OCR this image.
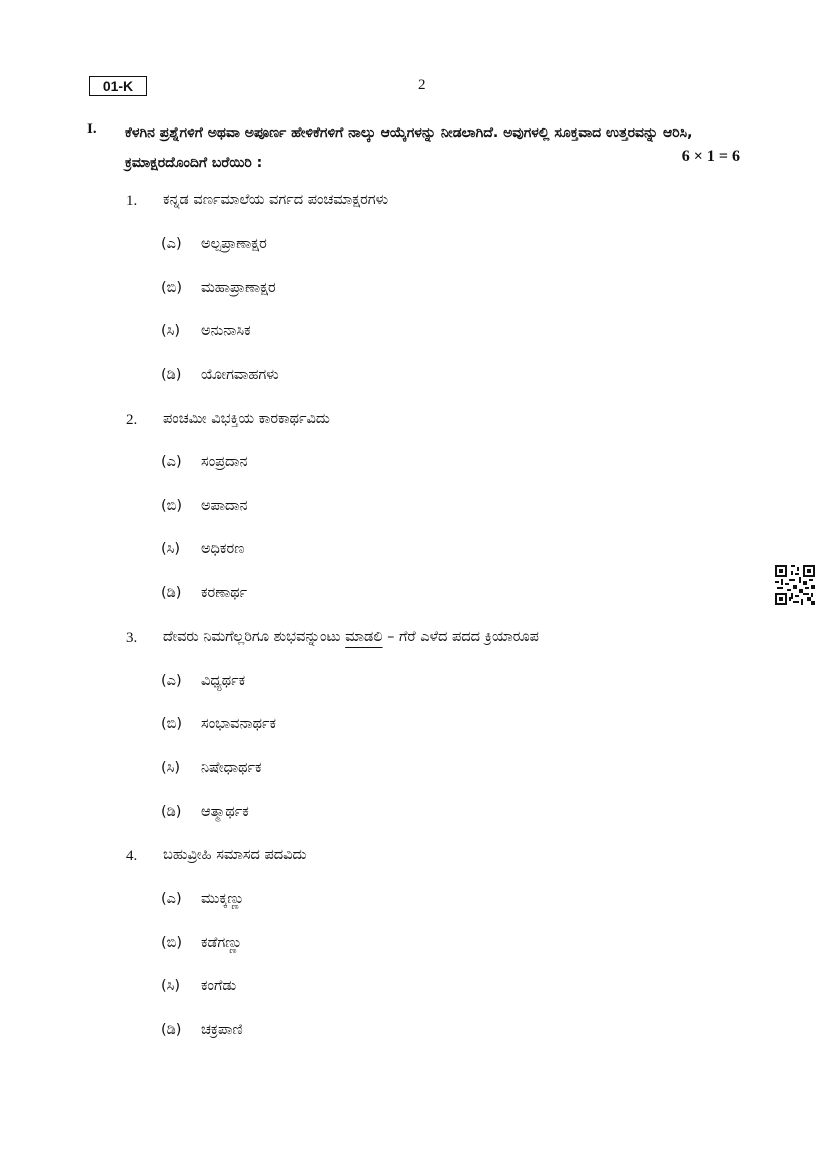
01-K	2
I. ಕೆಳಗಿನ ಪ್ರಶ್ನೆಗಳಿಗೆ ಅಥವಾ ಅಪೂರ್ಣ ಹೇಳಿಕೆಗಳಿಗೆ ನಾಲ್ಕು ಆಯ್ಕೆಗಳನ್ನು ನೀಡಲಾಗಿದೆ. ಅವುಗಳಲ್ಲಿ ಸೂಕ್ತವಾದ ಉತ್ತರವನ್ನು ಆರಿಸಿ, ಕ್ರಮಾಕ್ಷರದೊಂದಿಗೆ ಬರೆಯಿರಿ :	6 × 1 = 6
1. ಕನ್ನಡ ವರ್ಣಮಾಲೆಯ ವರ್ಗದ ಪಂಚಮಾಕ್ಷರಗಳು
(ಎ) ಅಲ್ಪಪ್ರಾಣಾಕ್ಷರ
(ಬಿ) ಮಹಾಪ್ರಾಣಾಕ್ಷರ
(ಸಿ) ಅನುನಾಸಿಕ
(ಡಿ) ಯೋಗವಾಹಗಳು
2. ಪಂಚಮೀ ವಿಭಕ್ತಿಯ ಕಾರಕಾರ್ಥವಿದು
(ಎ) ಸಂಪ್ರದಾನ
(ಬಿ) ಅಪಾದಾನ
(ಸಿ) ಅಧಿಕರಣ
(ಡಿ) ಕರಣಾರ್ಥ
3. ದೇವರು ನಿಮಗೆಲ್ಲರಿಗೂ ಶುಭವನ್ನುಂಟು ಮಾಡಲಿ – ಗೆರೆ ಎಳೆದ ಪದದ ಕ್ರಿಯಾರೂಪ
(ಎ) ವಿಧ್ಯರ್ಥಕ
(ಬಿ) ಸಂಭಾವನಾರ್ಥಕ
(ಸಿ) ನಿಷೇಧಾರ್ಥಕ
(ಡಿ) ಆತ್ಮಾರ್ಥಕ
4. ಬಹುವ್ರೀಹಿ ಸಮಾಸದ ಪದವಿದು
(ಎ) ಮುಕ್ಕಣ್ಣು
(ಬಿ) ಕಡೆಗಣ್ಣು
(ಸಿ) ಕಂಗೆಡು
(ಡಿ) ಚಕ್ರಪಾಣಿ
